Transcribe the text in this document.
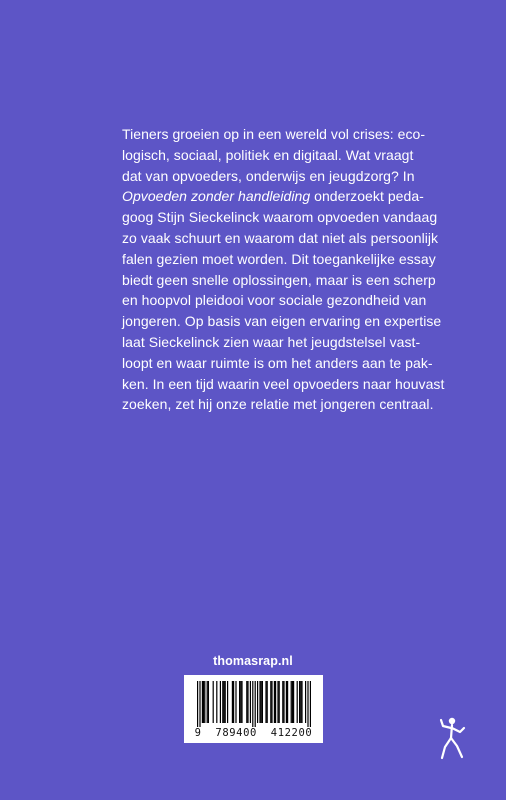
Tieners groeien op in een wereld vol crises: eco-
logisch, sociaal, politiek en digitaal. Wat vraagt
dat van opvoeders, onderwijs en jeugdzorg? In
Opvoeden zonder handleiding onderzoekt peda-
goog Stijn Sieckelinck waarom opvoeden vandaag
zo vaak schuurt en waarom dat niet als persoonlijk
falen gezien moet worden. Dit toegankelijke essay
biedt geen snelle oplossingen, maar is een scherp
en hoopvol pleidooi voor sociale gezondheid van
jongeren. Op basis van eigen ervaring en expertise
laat Sieckelinck zien waar het jeugdstelsel vast-
loopt en waar ruimte is om het anders aan te pak-
ken. In een tijd waarin veel opvoeders naar houvast
zoeken, zet hij onze relatie met jongeren centraal.

thomasrap.nl
9  789400  412200
